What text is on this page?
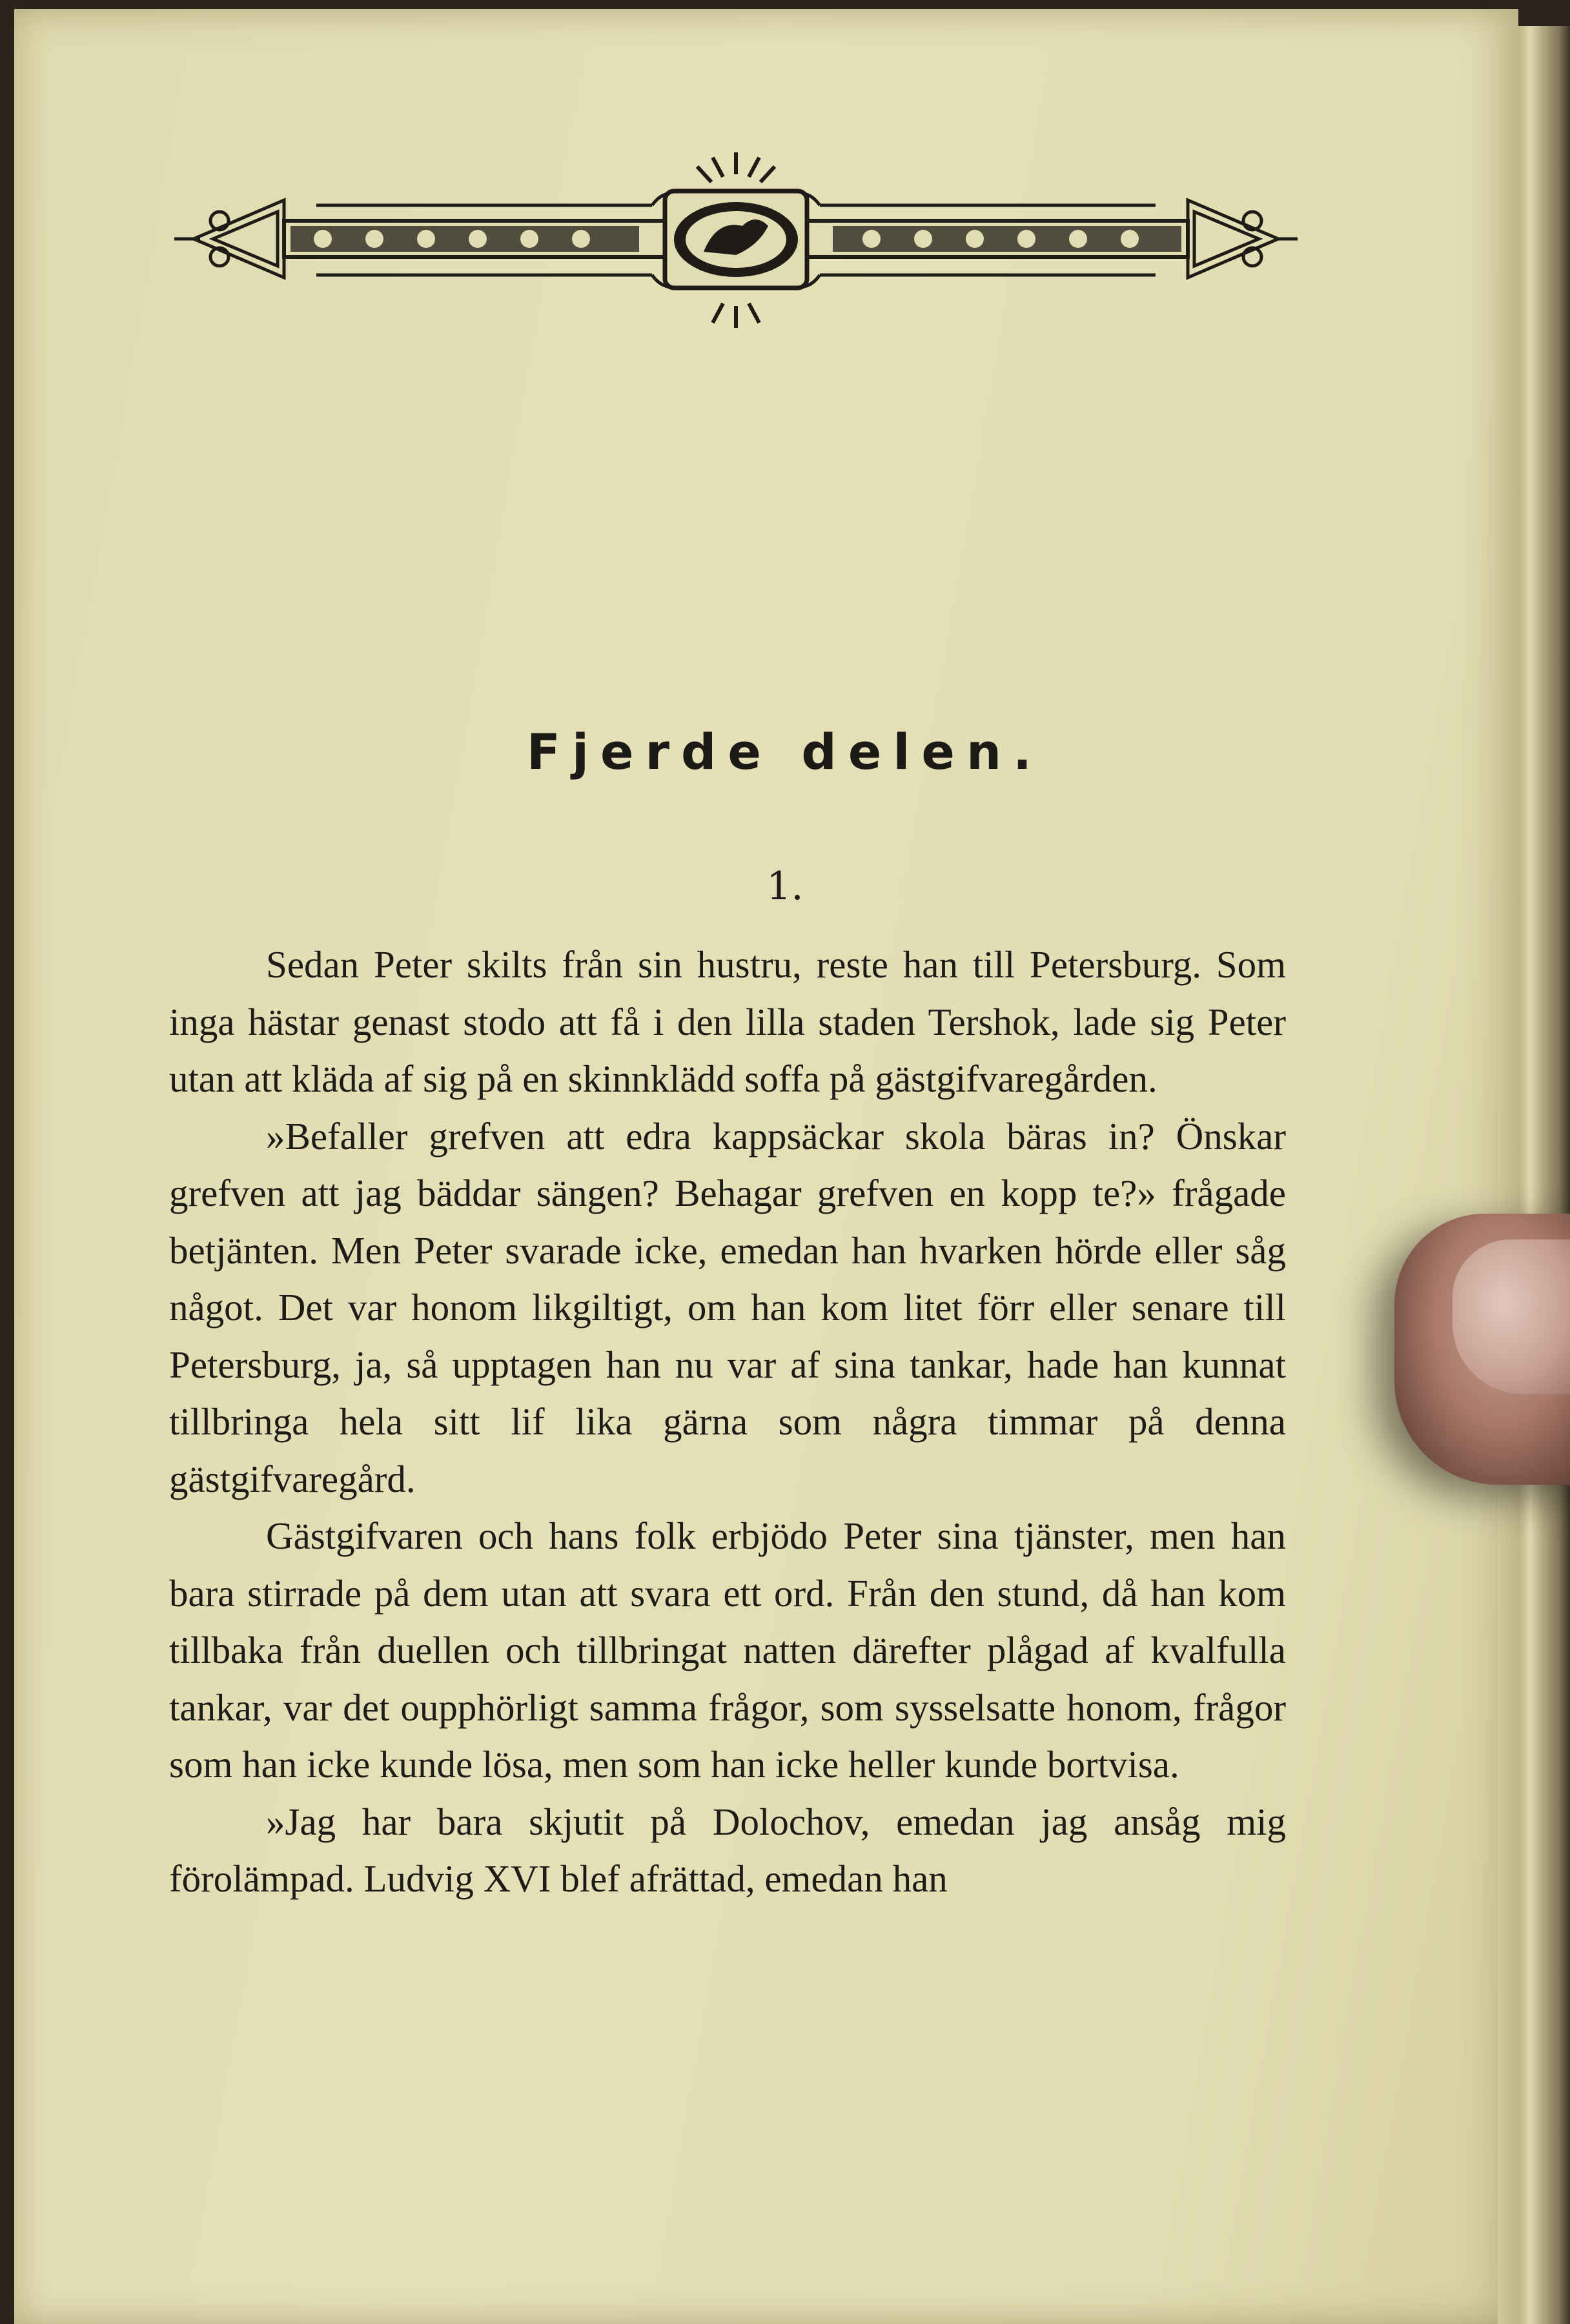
Fjerde delen.
1.

Sedan Peter skilts från sin hustru, reste han till Petersburg. Som inga hästar genast stodo att få i den lilla staden Tershok, lade sig Peter utan att kläda af sig på en skinnklädd soffa på gästgifvaregården.

»Befaller grefven att edra kappsäckar skola bäras in? Önskar grefven att jag bäddar sängen? Behagar grefven en kopp te?» frågade betjänten. Men Peter svarade icke, emedan han hvarken hörde eller såg något. Det var honom likgiltigt, om han kom litet förr eller senare till Petersburg, ja, så upptagen han nu var af sina tankar, hade han kunnat tillbringa hela sitt lif lika gärna som några timmar på denna gästgifvaregård.

Gästgifvaren och hans folk erbjödo Peter sina tjänster, men han bara stirrade på dem utan att svara ett ord. Från den stund, då han kom tillbaka från duellen och tillbringat natten därefter plågad af kvalfulla tankar, var det oupphörligt samma frågor, som sysselsatte honom, frågor som han icke kunde lösa, men som han icke heller kunde bortvisa.

»Jag har bara skjutit på Dolochov, emedan jag ansåg mig förolämpad. Ludvig XVI blef afrättad, emedan han
